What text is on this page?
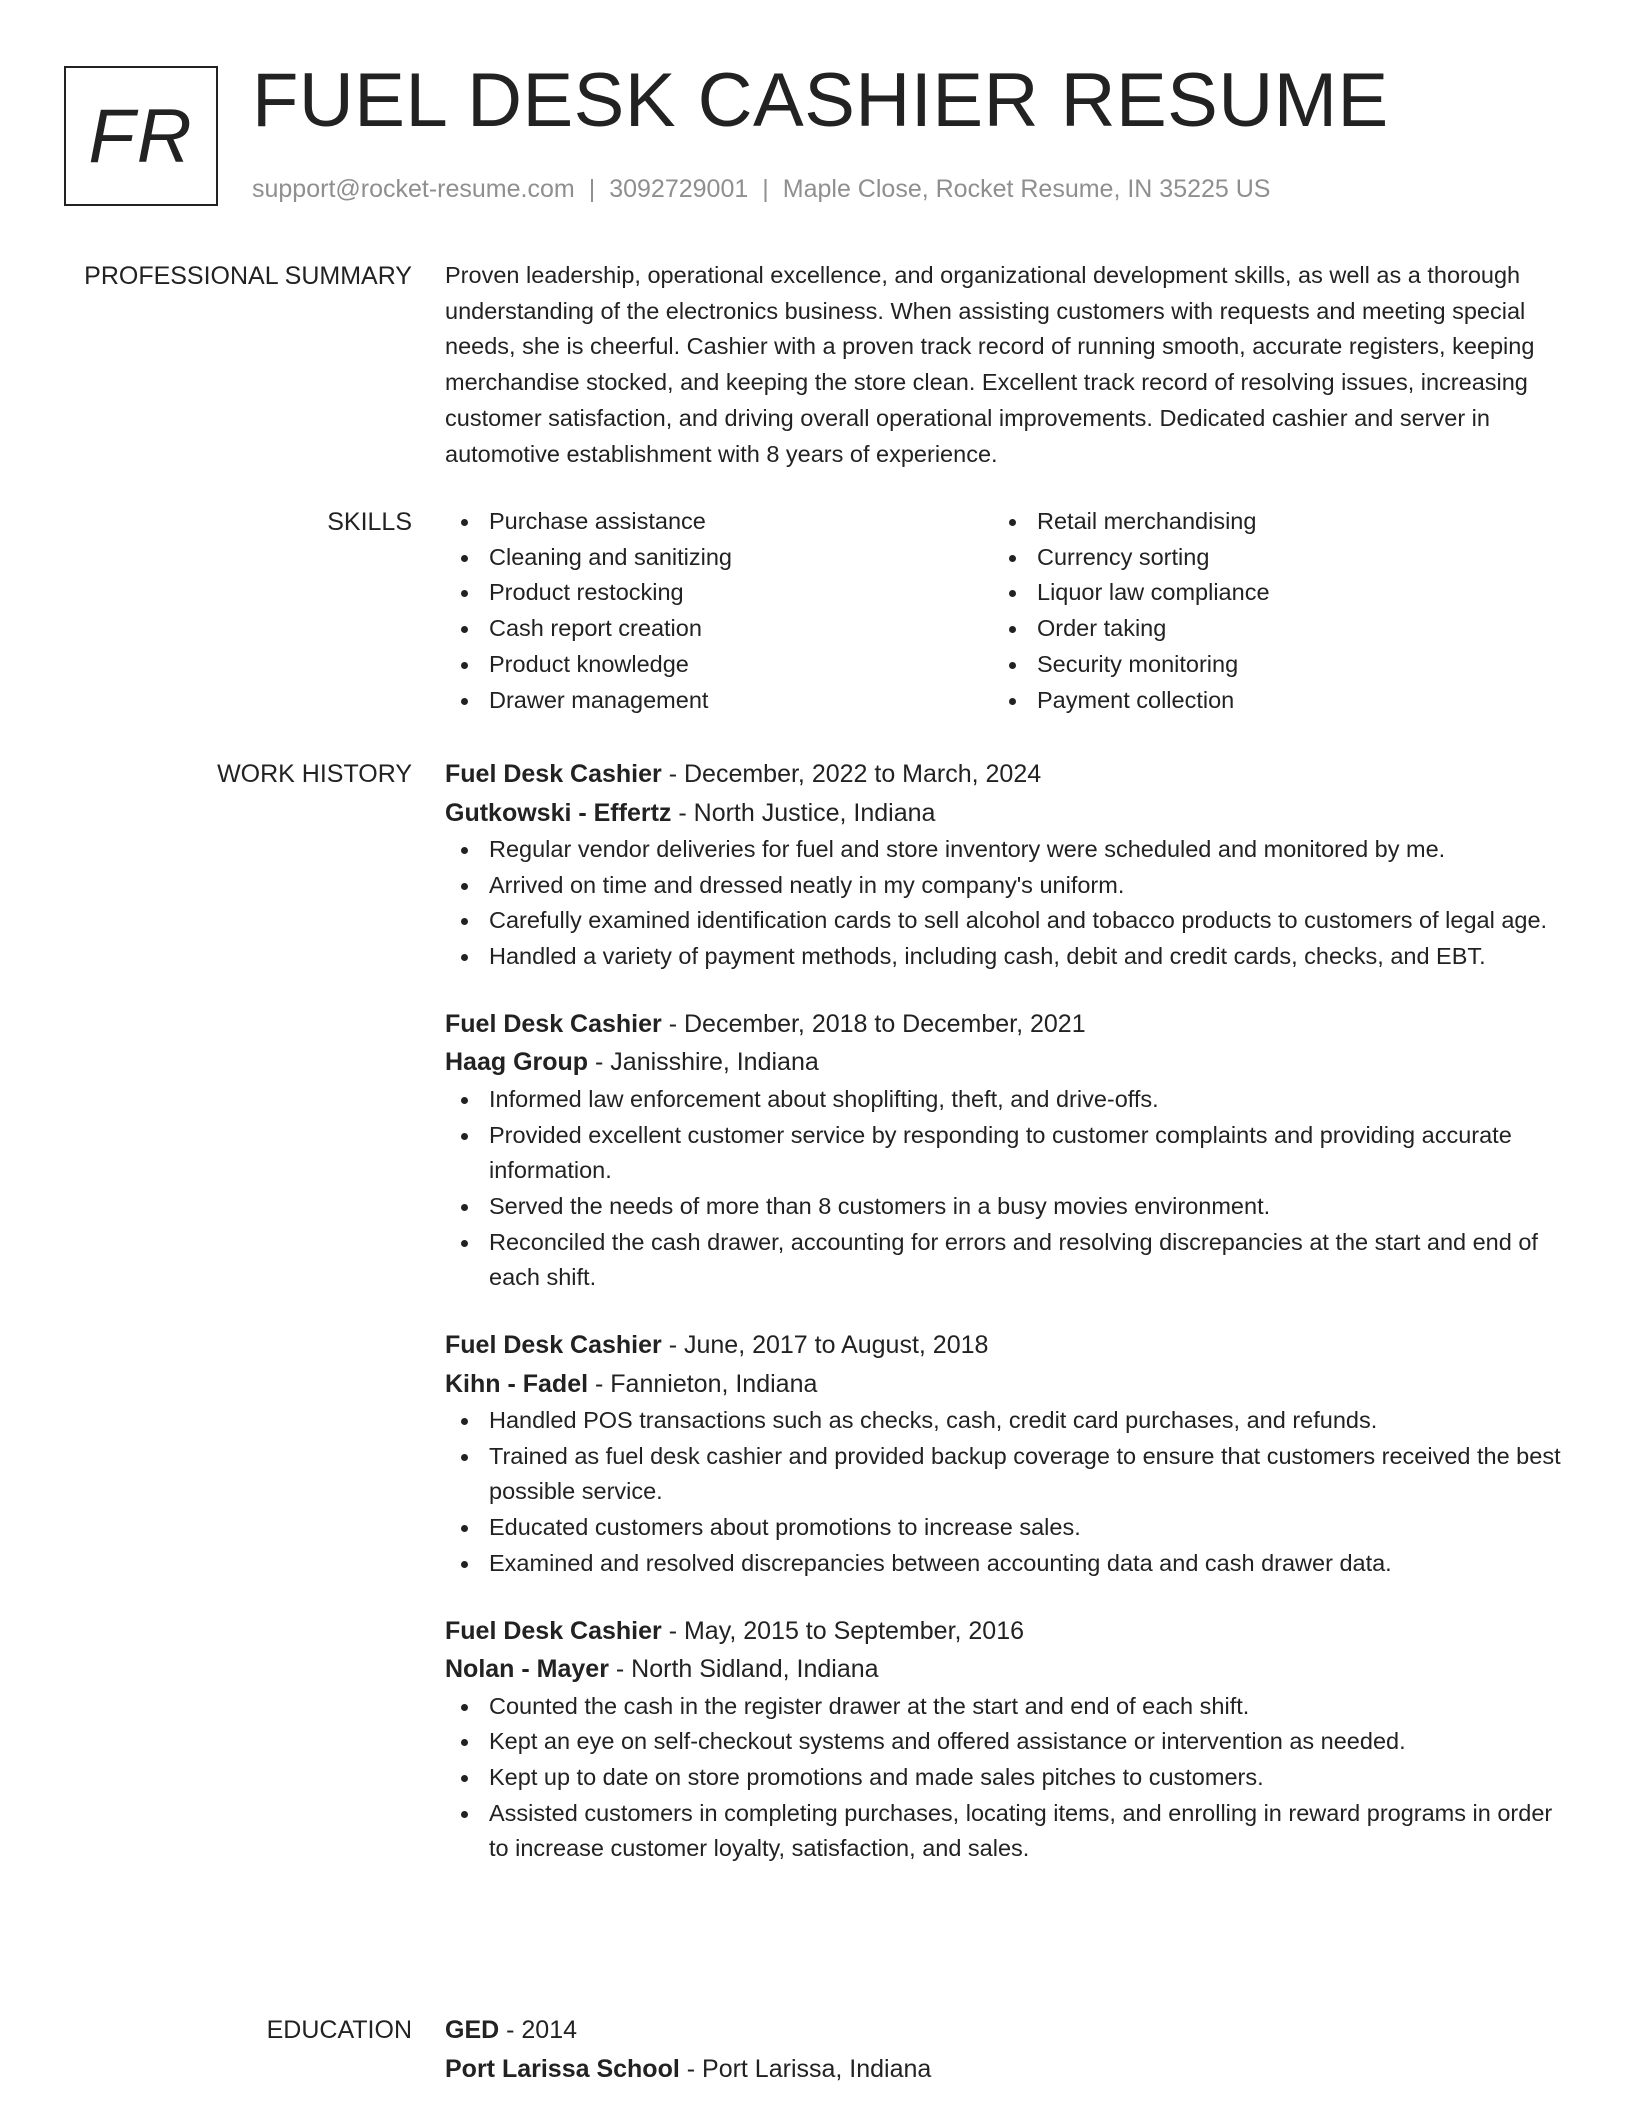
FR FUEL DESK CASHIER RESUME
support@rocket-resume.com | 3092729001 | Maple Close, Rocket Resume, IN 35225 US
PROFESSIONAL SUMMARY Proven leadership, operational excellence, and organizational development skills, as well as a thorough understanding of the electronics business. When assisting customers with requests and meeting special needs, she is cheerful. Cashier with a proven track record of running smooth, accurate registers, keeping merchandise stocked, and keeping the store clean. Excellent track record of resolving issues, increasing customer satisfaction, and driving overall operational improvements. Dedicated cashier and server in automotive establishment with 8 years of experience.

SKILLS	Purchase assistance
Cleaning and sanitizing
Product restocking
Cash report creation
Product knowledge
Drawer management
Retail merchandising
Currency sorting
Liquor law compliance
Order taking
Security monitoring
Payment collection
WORK HISTORY Fuel Desk Cashier - December, 2022 to March, 2024
Gutkowski - Effertz - North Justice, Indiana
Regular vendor deliveries for fuel and store inventory were scheduled and monitored by me.
Arrived on time and dressed neatly in my company's uniform.
Carefully examined identification cards to sell alcohol and tobacco products to customers of legal age.
Handled a variety of payment methods, including cash, debit and credit cards, checks, and EBT.
Fuel Desk Cashier - December, 2018 to December, 2021
Haag Group - Janisshire, Indiana
Informed law enforcement about shoplifting, theft, and drive-offs.
Provided excellent customer service by responding to customer complaints and providing accurate information.
Served the needs of more than 8 customers in a busy movies environment.
Reconciled the cash drawer, accounting for errors and resolving discrepancies at the start and end of each shift.
Fuel Desk Cashier - June, 2017 to August, 2018
Kihn - Fadel - Fannieton, Indiana
Handled POS transactions such as checks, cash, credit card purchases, and refunds.
Trained as fuel desk cashier and provided backup coverage to ensure that customers received the best possible service.
Educated customers about promotions to increase sales.
Examined and resolved discrepancies between accounting data and cash drawer data.
Fuel Desk Cashier - May, 2015 to September, 2016
Nolan - Mayer - North Sidland, Indiana
Counted the cash in the register drawer at the start and end of each shift.
Kept an eye on self-checkout systems and offered assistance or intervention as needed.
Kept up to date on store promotions and made sales pitches to customers.
Assisted customers in completing purchases, locating items, and enrolling in reward programs in order to increase customer loyalty, satisfaction, and sales.
EDUCATION GED - 2014
Port Larissa School - Port Larissa, Indiana
